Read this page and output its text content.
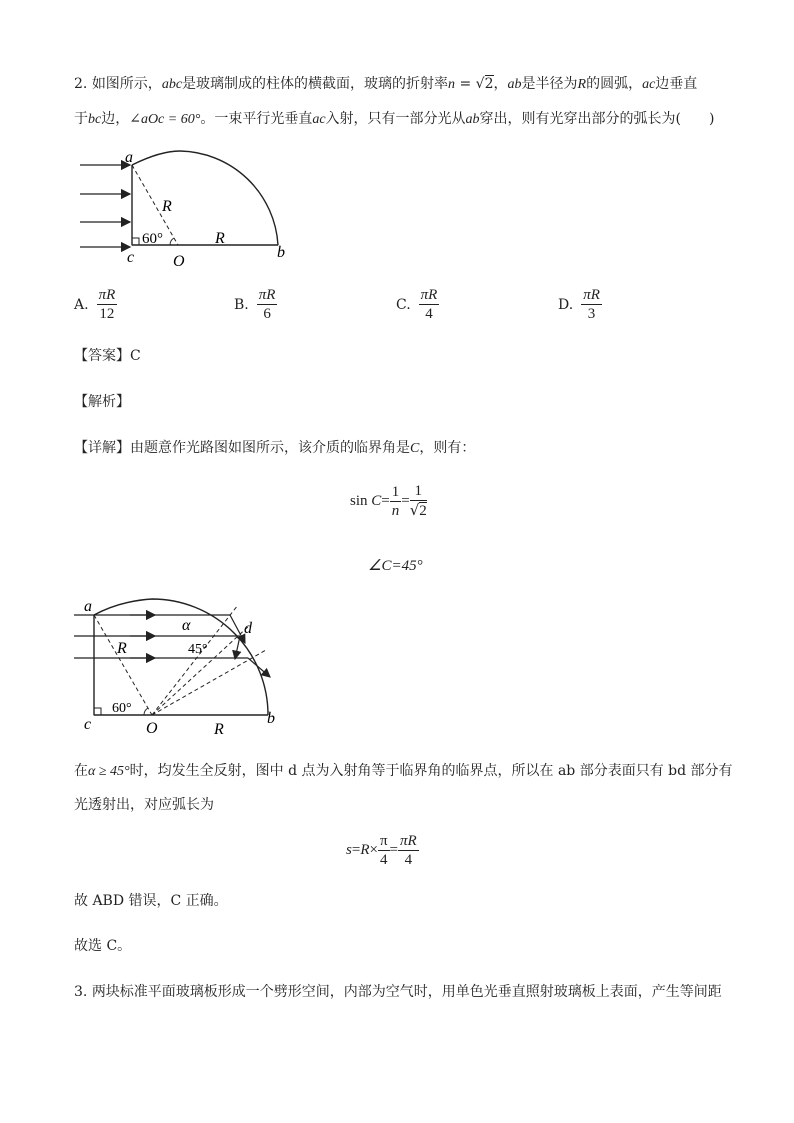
2. 如图所示，abc是玻璃制成的柱体的横截面，玻璃的折射率n = √2，ab是半径为R的圆弧，ac边垂直
于bc边，∠aOc = 60°。一束平行光垂直ac入射，只有一部分光从ab穿出，则有光穿出部分的弧长为(　　)
a
c O
b
R
R
60°
A. $\frac{\pi R}{12}$	B. $\frac{\pi R}{6}$	C. $\frac{\pi R}{4}$	D. $\frac{\pi R}{3}$
【答案】C
【解析】
【详解】由题意作光路图如图所示，该介质的临界角是C，则有：
sin
$C = \frac{1}{n} = \frac{1}{√2}$
∠C=45°
a
c	O
b
d
R
R
α
45°
60°
在α ≥ 45°时，均发生全反射，图中 d 点为入射角等于临界角的临界点，所以在 ab 部分表面只有 bd 部分有
光透射出，对应弧长为
$s = R \times \frac{\pi}{4} = \frac{\pi R}{4}$
故 ABD 错误，C 正确。
故选 C。
3. 两块标准平面玻璃板形成一个劈形空间，内部为空气时，用单色光垂直照射玻璃板上表面，产生等间距
